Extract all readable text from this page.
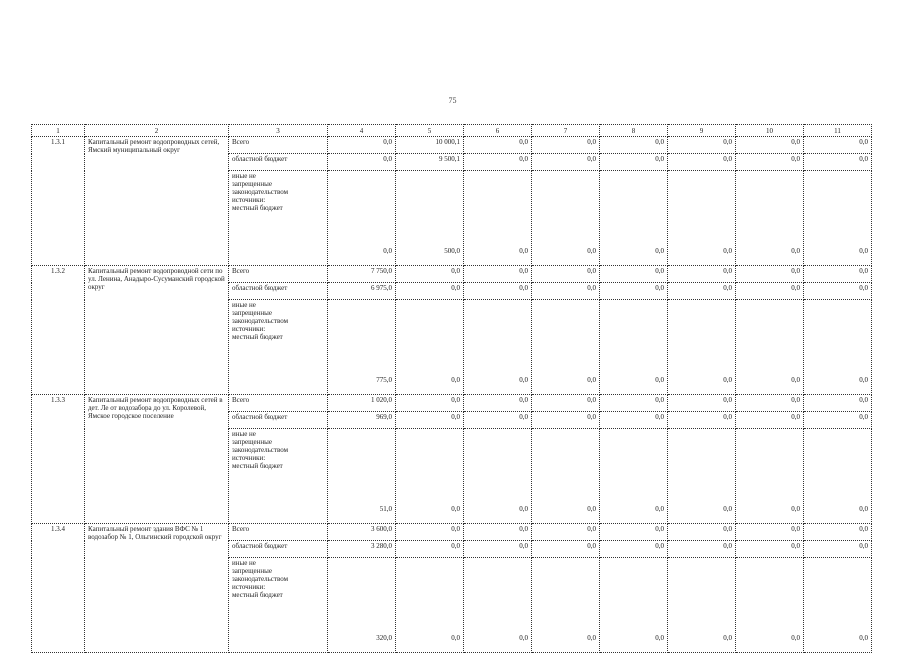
75
1	2	3	4	5	6	7	8	9	10	11
1.3.1	Капитальный ремонт водопроводных сетей, Ямский муниципальный округ	Всего	0,0	10 000,1	0,0	0,0	0,0	0,0	0,0	0,0
		областной бюджет	0,0	9 500,1	0,0	0,0	0,0	0,0	0,0	0,0
		иные не
запрещенные
законодательством
источники:
местный бюджет	0,0	500,0	0,0	0,0	0,0	0,0	0,0	0,0
1.3.2	Капитальный ремонт водопроводной сети по ул. Ленина, Анадыро-Сусуманский городской округ	Всего	7 750,0	0,0	0,0	0,0	0,0	0,0	0,0	0,0
		областной бюджет	6 975,0	0,0	0,0	0,0	0,0	0,0	0,0	0,0
		иные не
запрещенные
законодательством
источники:
местный бюджет	775,0	0,0	0,0	0,0	0,0	0,0	0,0	0,0
1.3.3	Капитальный ремонт водопроводных сетей в дет. Ле от водозабора до ул. Королевой, Ямское городское поселение	Всего	1 020,0	0,0	0,0	0,0	0,0	0,0	0,0	0,0
		областной бюджет	969,0	0,0	0,0	0,0	0,0	0,0	0,0	0,0
		иные не
запрещенные
законодательством
источники:
местный бюджет	51,0	0,0	0,0	0,0	0,0	0,0	0,0	0,0
1.3.4	Капитальный ремонт здания ВФС № 1 водозабор № 1, Ольгинский городской округ	Всего	3 600,0	0,0	0,0	0,0	0,0	0,0	0,0	0,0
		областной бюджет	3 280,0	0,0	0,0	0,0	0,0	0,0	0,0	0,0
		иные не
запрещенные
законодательством
источники:
местный бюджет	320,0	0,0	0,0	0,0	0,0	0,0	0,0	0,0
